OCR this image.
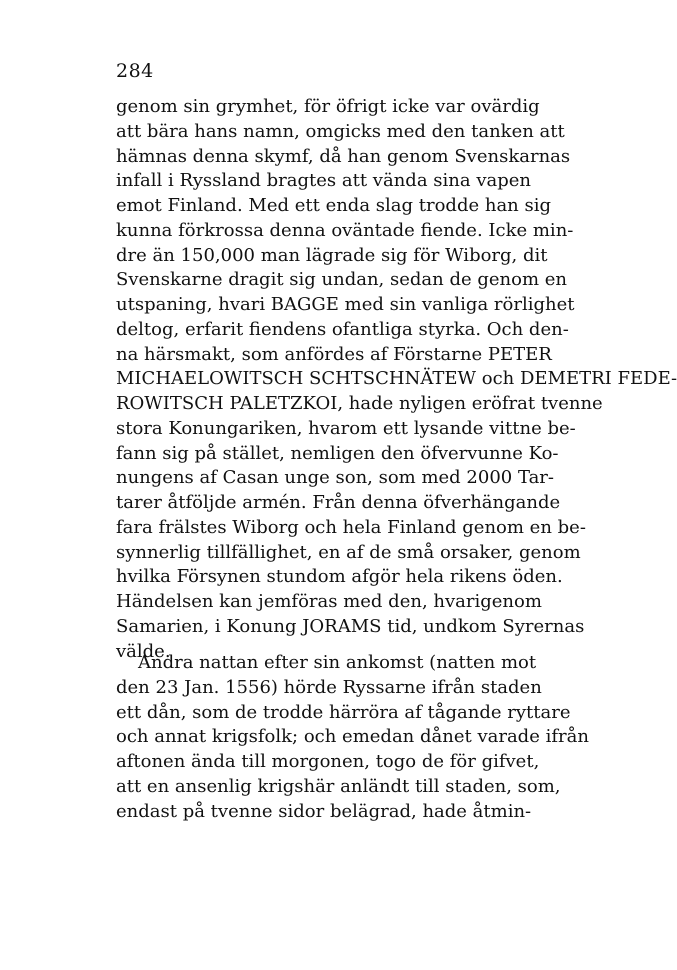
284
genom sin grymhet, för öfrigt icke var ovärdig
att bära hans namn, omgicks med den tanken att
hämnas denna skymf, då han genom Svenskarnas
infall i Ryssland bragtes att vända sina vapen
emot Finland. Med ett enda slag trodde han sig
kunna förkrossa denna oväntade fiende. Icke min-
dre än 150,000 man lägrade sig för Wiborg, dit
Svenskarne dragit sig undan, sedan de genom en
utspaning, hvari BAGGE med sin vanliga rörlighet
deltog, erfarit fiendens ofantliga styrka. Och den-
na härsmakt, som anfördes af Förstarne PETER
MICHAELOWITSCH SCHTSCHNÄTEW och DEMETRI FEDE-
ROWITSCH PALETZKOI, hade nyligen eröfrat tvenne
stora Konungariken, hvarom ett lysande vittne be-
fann sig på stället, nemligen den öfvervunne Ko-
nungens af Casan unge son, som med 2000 Tar-
tarer åtföljde armén. Från denna öfverhängande
fara frälstes Wiborg och hela Finland genom en be-
synnerlig tillfällighet, en af de små orsaker, genom
hvilka Försynen stundom afgör hela rikens öden.
Händelsen kan jemföras med den, hvarigenom
Samarien, i Konung JORAMS tid, undkom Syrernas
välde.
Andra nattan efter sin ankomst (natten mot
den 23 Jan. 1556) hörde Ryssarne ifrån staden
ett dån, som de trodde härröra af tågande ryttare
och annat krigsfolk; och emedan dånet varade ifrån
aftonen ända till morgonen, togo de för gifvet,
att en ansenlig krigshär anländt till staden, som,
endast på tvenne sidor belägrad, hade åtmin-
